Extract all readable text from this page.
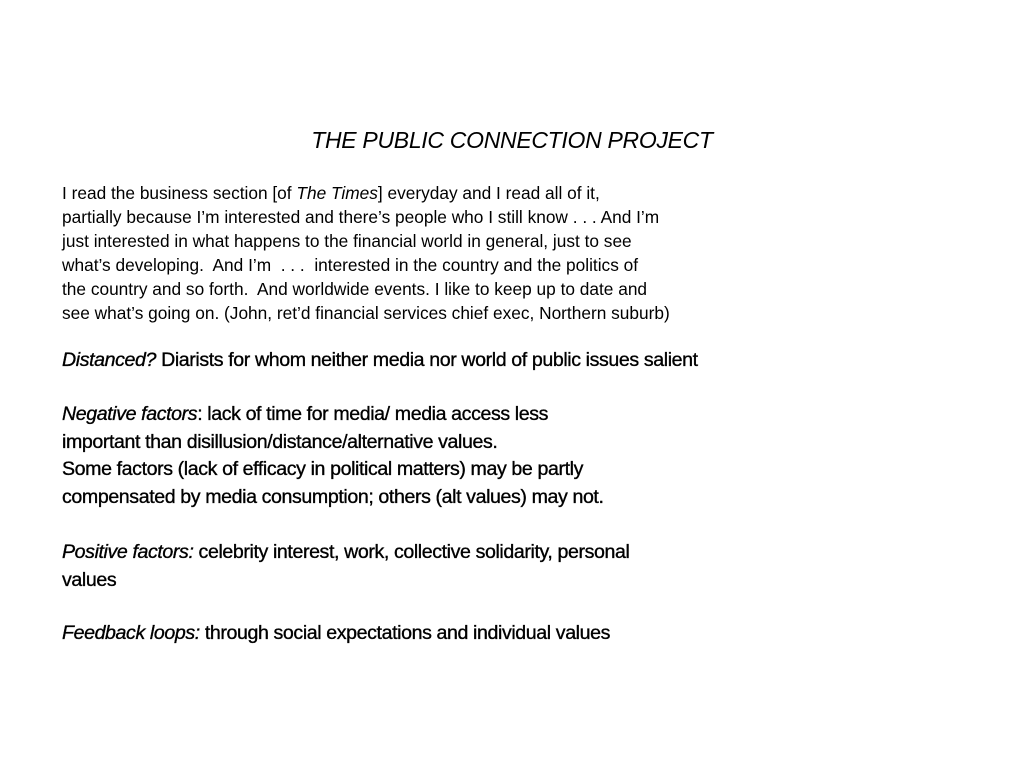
THE PUBLIC CONNECTION PROJECT
I read the business section [of The Times] everyday and I read all of it,
partially because I’m interested and there’s people who I still know . . . And I’m
just interested in what happens to the financial world in general, just to see
what’s developing.  And I’m  . . .  interested in the country and the politics of
the country and so forth.  And worldwide events. I like to keep up to date and
see what’s going on. (John, ret’d financial services chief exec, Northern suburb)
Distanced? Diarists for whom neither media nor world of public issues salient
Negative factors: lack of time for media/ media access less
important than disillusion/distance/alternative values.
Some factors (lack of efficacy in political matters) may be partly
compensated by media consumption; others (alt values) may not.
Positive factors: celebrity interest, work, collective solidarity, personal
values
Feedback loops: through social expectations and individual values
